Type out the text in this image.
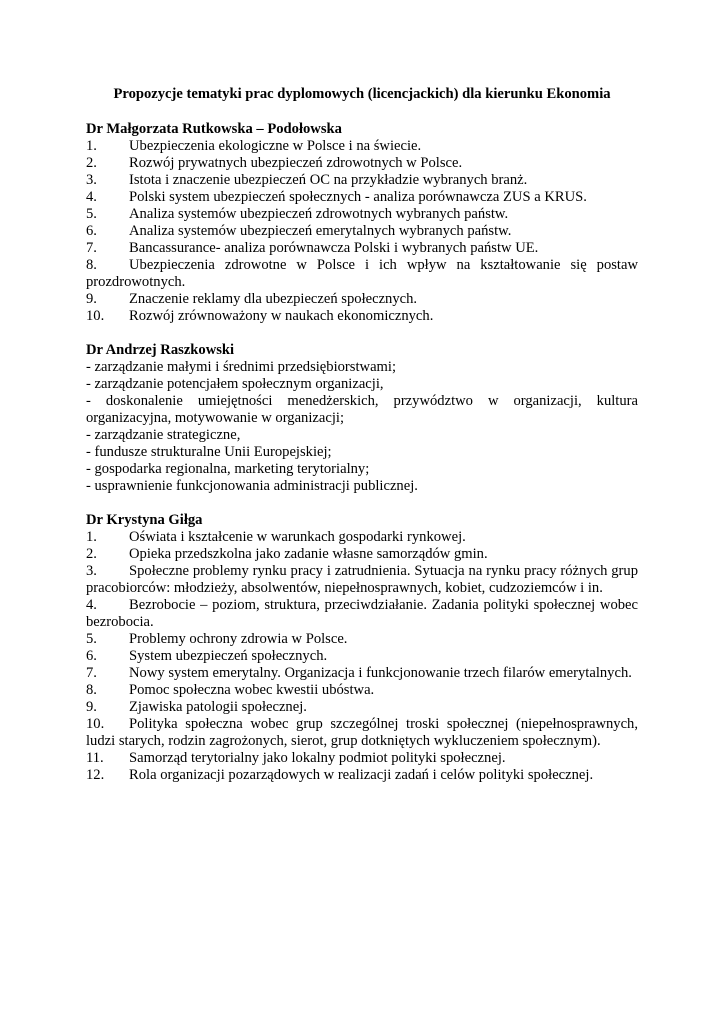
Propozycje tematyki prac dyplomowych (licencjackich) dla kierunku Ekonomia
Dr Małgorzata Rutkowska – Podołowska
1. Ubezpieczenia ekologiczne w Polsce i na świecie.
2. Rozwój prywatnych ubezpieczeń zdrowotnych w Polsce.
3. Istota i znaczenie ubezpieczeń OC na przykładzie wybranych branż.
4. Polski system ubezpieczeń społecznych - analiza porównawcza ZUS a KRUS.
5. Analiza systemów ubezpieczeń zdrowotnych wybranych państw.
6. Analiza systemów ubezpieczeń emerytalnych wybranych państw.
7. Bancassurance- analiza porównawcza Polski i wybranych państw UE.
8. Ubezpieczenia zdrowotne w Polsce i ich wpływ na kształtowanie się postaw prozdrowotnych.
9. Znaczenie reklamy dla ubezpieczeń społecznych.
10. Rozwój zrównoważony w naukach ekonomicznych.
Dr Andrzej Raszkowski
- zarządzanie małymi i średnimi przedsiębiorstwami;
- zarządzanie potencjałem społecznym organizacji,
- doskonalenie umiejętności menedżerskich, przywództwo w organizacji, kultura organizacyjna, motywowanie w organizacji;
- zarządzanie strategiczne,
- fundusze strukturalne Unii Europejskiej;
- gospodarka regionalna, marketing terytorialny;
- usprawnienie funkcjonowania administracji publicznej.
Dr Krystyna Giłga
1. Oświata i kształcenie w warunkach gospodarki rynkowej.
2. Opieka przedszkolna jako zadanie własne samorządów gmin.
3. Społeczne problemy rynku pracy i zatrudnienia. Sytuacja na rynku pracy różnych grup pracobiorców: młodzieży, absolwentów, niepełnosprawnych, kobiet, cudzoziemców i in.
4. Bezrobocie – poziom, struktura, przeciwdziałanie. Zadania polityki społecznej wobec bezrobocia.
5. Problemy ochrony zdrowia w Polsce.
6. System ubezpieczeń społecznych.
7. Nowy system emerytalny. Organizacja i funkcjonowanie trzech filarów emerytalnych.
8. Pomoc społeczna wobec kwestii ubóstwa.
9. Zjawiska patologii społecznej.
10. Polityka społeczna wobec grup szczególnej troski społecznej (niepełnosprawnych, ludzi starych, rodzin zagrożonych, sierot, grup dotkniętych wykluczeniem społecznym).
11. Samorząd terytorialny jako lokalny podmiot polityki społecznej.
12. Rola organizacji pozarządowych w realizacji zadań i celów polityki społecznej.
